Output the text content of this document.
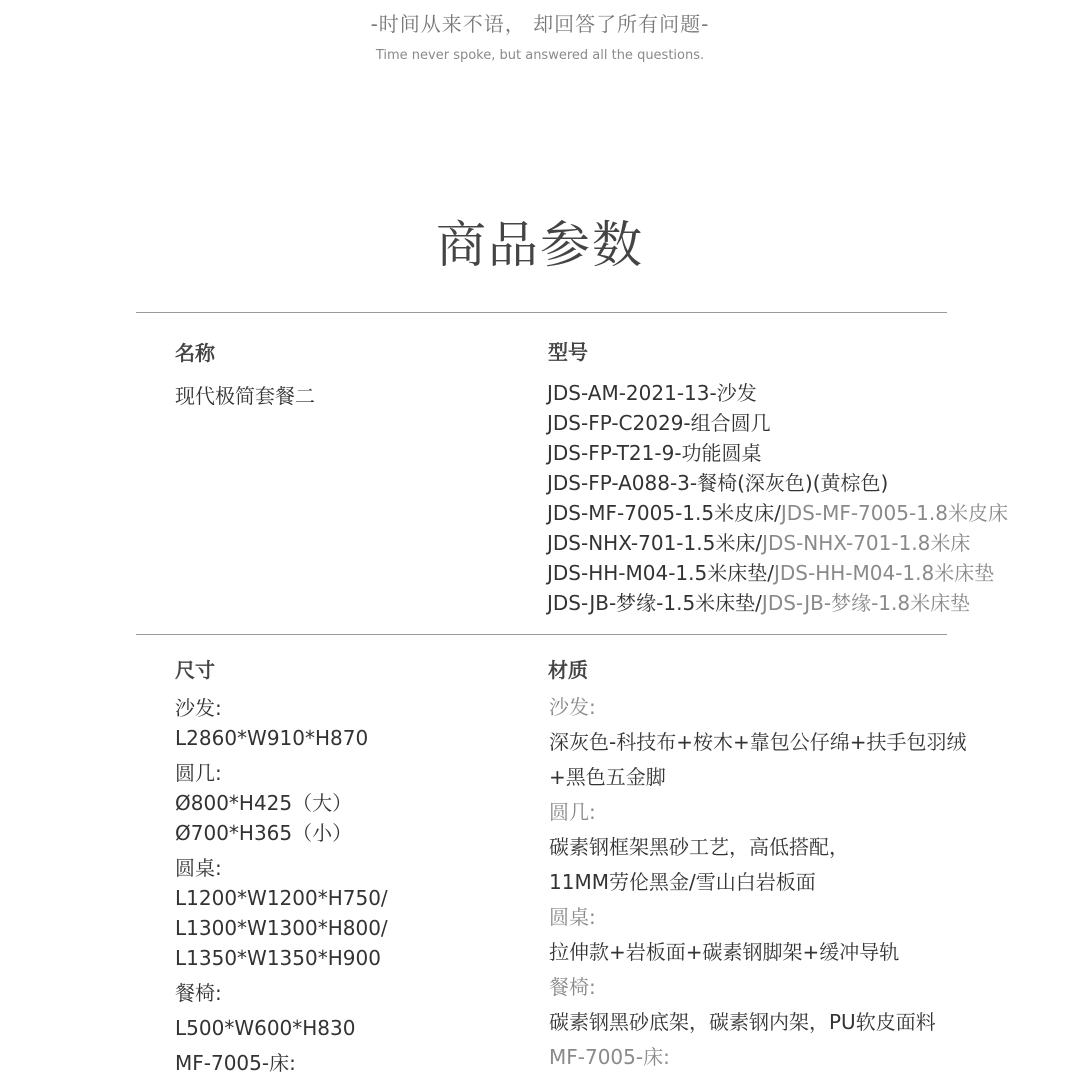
-时间从来不语， 却回答了所有问题-
Time never spoke, but answered all the questions.
商品参数
名称
现代极简套餐二
型号
JDS-AM-2021-13-沙发
JDS-FP-C2029-组合圆几
JDS-FP-T21-9-功能圆桌
JDS-FP-A088-3-餐椅(深灰色)(黄棕色)
JDS-MF-7005-1.5米皮床/JDS-MF-7005-1.8米皮床
JDS-NHX-701-1.5米床/JDS-NHX-701-1.8米床
JDS-HH-M04-1.5米床垫/JDS-HH-M04-1.8米床垫
JDS-JB-梦缘-1.5米床垫/JDS-JB-梦缘-1.8米床垫
尺寸
沙发:
L2860*W910*H870
圆几:
Ø800*H425（大）
Ø700*H365（小）
圆桌:
L1200*W1200*H750/
L1300*W1300*H800/
L1350*W1350*H900
餐椅:
L500*W600*H830
MF-7005-床:
材质
沙发:
深灰色-科技布+桉木+靠包公仔绵+扶手包羽绒
+黑色五金脚
圆几:
碳素钢框架黑砂工艺，高低搭配，
11MM劳伦黑金/雪山白岩板面
圆桌:
拉伸款+岩板面+碳素钢脚架+缓冲导轨
餐椅:
碳素钢黑砂底架，碳素钢内架，PU软皮面料
MF-7005-床:
